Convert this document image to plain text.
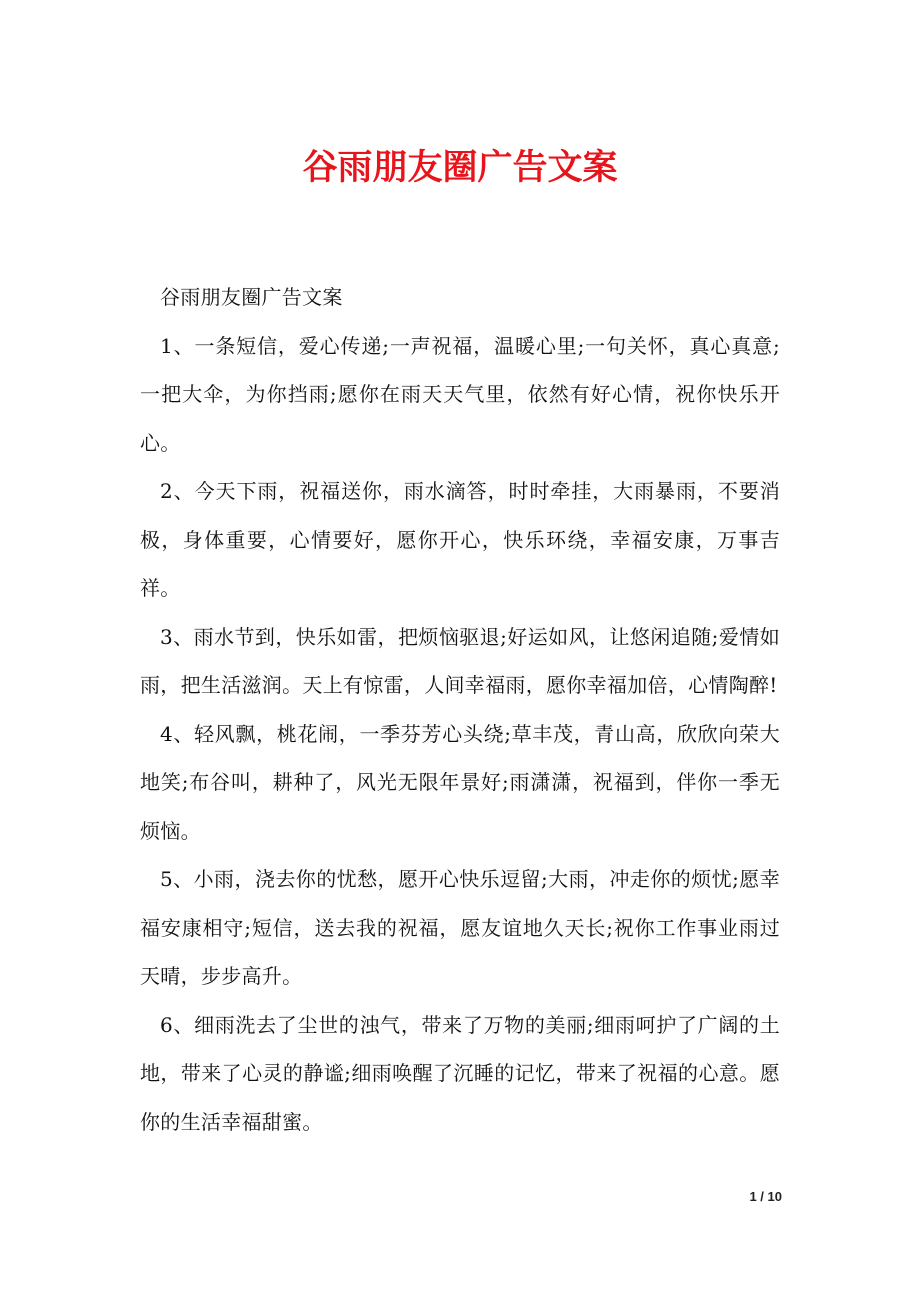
谷雨朋友圈广告文案

谷雨朋友圈广告文案

1、一条短信，爱心传递;一声祝福，温暖心里;一句关怀，真心真意;一把大伞，为你挡雨;愿你在雨天天气里，依然有好心情，祝你快乐开心。

2、今天下雨，祝福送你，雨水滴答，时时牵挂，大雨暴雨，不要消极，身体重要，心情要好，愿你开心，快乐环绕，幸福安康，万事吉祥。

3、雨水节到，快乐如雷，把烦恼驱退;好运如风，让悠闲追随;爱情如雨，把生活滋润。天上有惊雷，人间幸福雨，愿你幸福加倍，心情陶醉!

4、轻风飘，桃花闹，一季芬芳心头绕;草丰茂，青山高，欣欣向荣大地笑;布谷叫，耕种了，风光无限年景好;雨潇潇，祝福到，伴你一季无烦恼。

5、小雨，浇去你的忧愁，愿开心快乐逗留;大雨，冲走你的烦忧;愿幸福安康相守;短信，送去我的祝福，愿友谊地久天长;祝你工作事业雨过天晴，步步高升。

6、细雨洗去了尘世的浊气，带来了万物的美丽;细雨呵护了广阔的土地，带来了心灵的静谧;细雨唤醒了沉睡的记忆，带来了祝福的心意。愿你的生活幸福甜蜜。

1 / 10
